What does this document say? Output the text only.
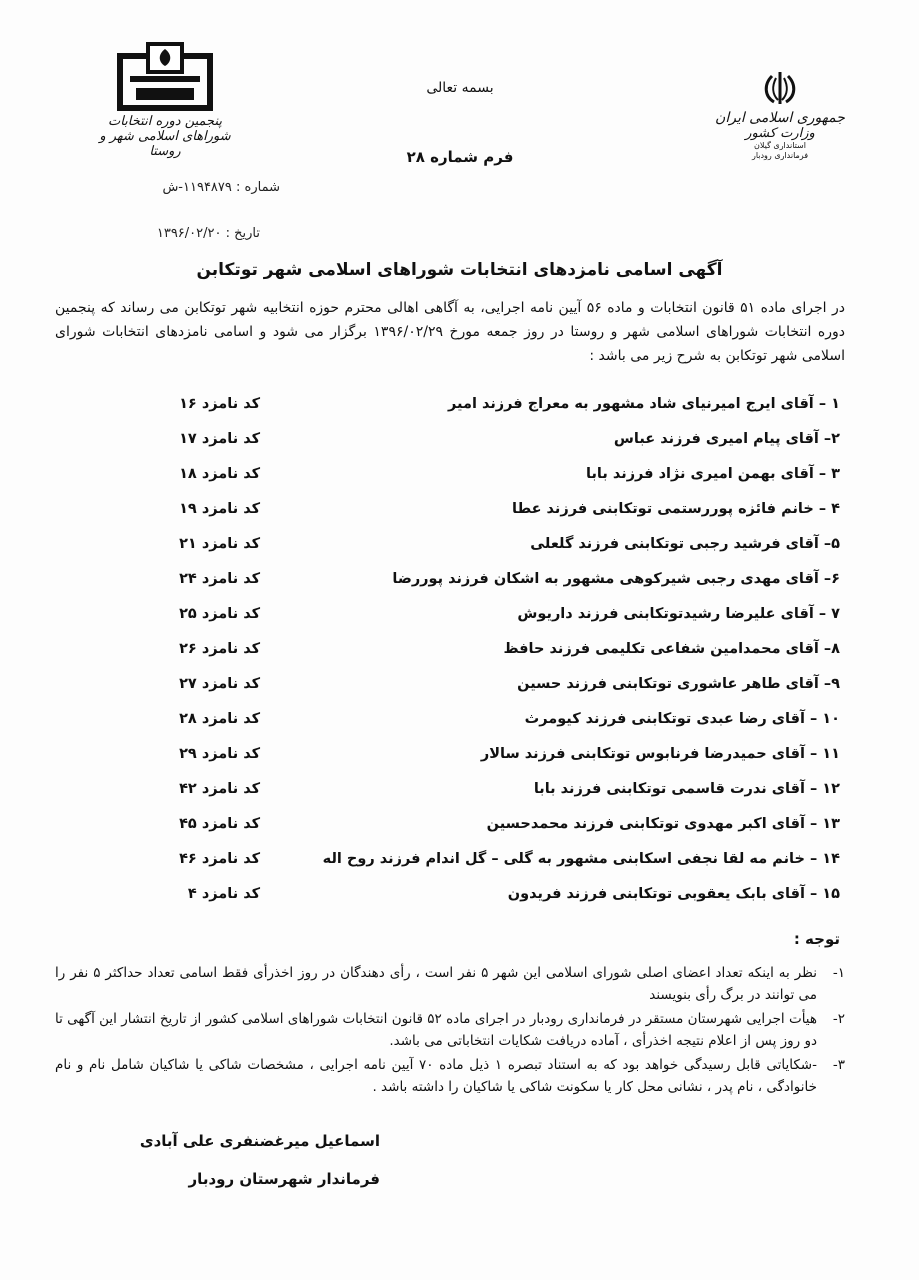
پنجمین دوره انتخابات
شوراهای اسلامی شهر و روستا
جمهوری اسلامی ایران
وزارت کشور
استانداری گیلان
فرمانداری رودبار
بسمه تعالی
فرم شماره ۲۸
شماره : ۱۱۹۴۸۷۹-ش
تاریخ : ۱۳۹۶/۰۲/۲۰
آگهی اسامی نامزدهای انتخابات شوراهای اسلامی شهر توتکابن
در اجرای ماده ۵۱ قانون انتخابات و ماده ۵۶ آیین نامه اجرایی، به آگاهی اهالی محترم حوزه انتخابیه شهر توتکابن می رساند که پنجمین دوره انتخابات شوراهای اسلامی شهر و روستا در روز جمعه مورخ ۱۳۹۶/۰۲/۲۹ برگزار می شود و اسامی نامزدهای انتخابات شورای اسلامی شهر توتکابن به شرح زیر می باشد :
۱ – آقای ایرج امیرنیای شاد مشهور به معراج فرزند امیر
کد نامزد ۱۶
۲– آقای پیام امیری فرزند عباس
کد نامزد ۱۷
۳ – آقای بهمن امیری نژاد فرزند بابا
کد نامزد ۱۸
۴ – خانم فائزه پوررستمی توتکابنی فرزند عطا
کد نامزد ۱۹
۵– آقای فرشید رجبی توتکابنی فرزند گلعلی
کد نامزد ۲۱
۶– آقای مهدی رجبی شیرکوهی مشهور به اشکان فرزند پوررضا
کد نامزد ۲۴
۷ – آقای علیرضا رشیدتوتکابنی فرزند داریوش
کد نامزد ۲۵
۸– آقای محمدامین شفاعی تکلیمی فرزند حافظ
کد نامزد ۲۶
۹– آقای طاهر عاشوری توتکابنی فرزند حسین
کد نامزد ۲۷
۱۰ – آقای رضا عبدی توتکابنی فرزند کیومرث
کد نامزد ۲۸
۱۱ – آقای حمیدرضا فرنابوس توتکابنی فرزند سالار
کد نامزد ۲۹
۱۲ – آقای ندرت قاسمی توتکابنی فرزند بابا
کد نامزد ۴۲
۱۳ – آقای اکبر مهدوی توتکابنی فرزند محمدحسین
کد نامزد ۴۵
۱۴ – خانم مه لقا نجفی اسکابنی مشهور به گلی – گل اندام فرزند روح اله
کد نامزد ۴۶
۱۵ – آقای بابک یعقوبی توتکابنی فرزند فریدون
کد نامزد ۴
توجه :
۱-
نظر به اینکه تعداد اعضای اصلی شورای اسلامی این شهر ۵ نفر است ، رأی دهندگان در روز اخذرأی فقط اسامی تعداد حداکثر ۵ نفر را می توانند در برگ رأی بنویسند
۲-
هیأت اجرایی شهرستان مستقر در فرمانداری رودبار در اجرای ماده ۵۲ قانون انتخابات شوراهای اسلامی کشور از تاریخ انتشار این آگهی تا دو روز پس از اعلام نتیجه اخذرأی ، آماده دریافت شکایات انتخاباتی می باشد.
۳-
-شکایاتی قابل رسیدگی خواهد بود که به استناد تبصره ۱ ذیل ماده ۷۰ آیین نامه اجرایی ، مشخصات شاکی یا شاکیان شامل نام و نام خانوادگی ، نام پدر ، نشانی محل کار یا سکونت شاکی یا شاکیان را داشته باشد .
اسماعیل میرغضنفری علی آبادی
فرماندار شهرستان رودبار
